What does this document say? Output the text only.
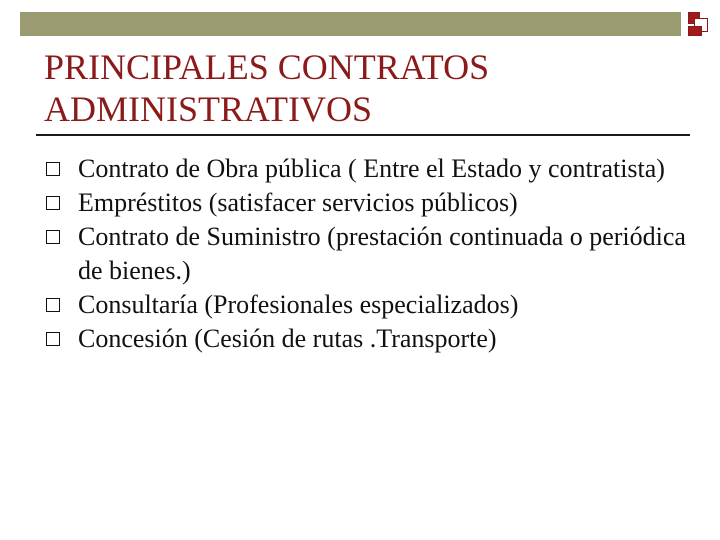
PRINCIPALES CONTRATOS
ADMINISTRATIVOS
Contrato de Obra pública ( Entre el Estado y contratista)
Empréstitos (satisfacer servicios públicos)
Contrato de Suministro (prestación continuada o periódica de bienes.)
Consultaría (Profesionales especializados)
Concesión (Cesión de rutas .Transporte)
